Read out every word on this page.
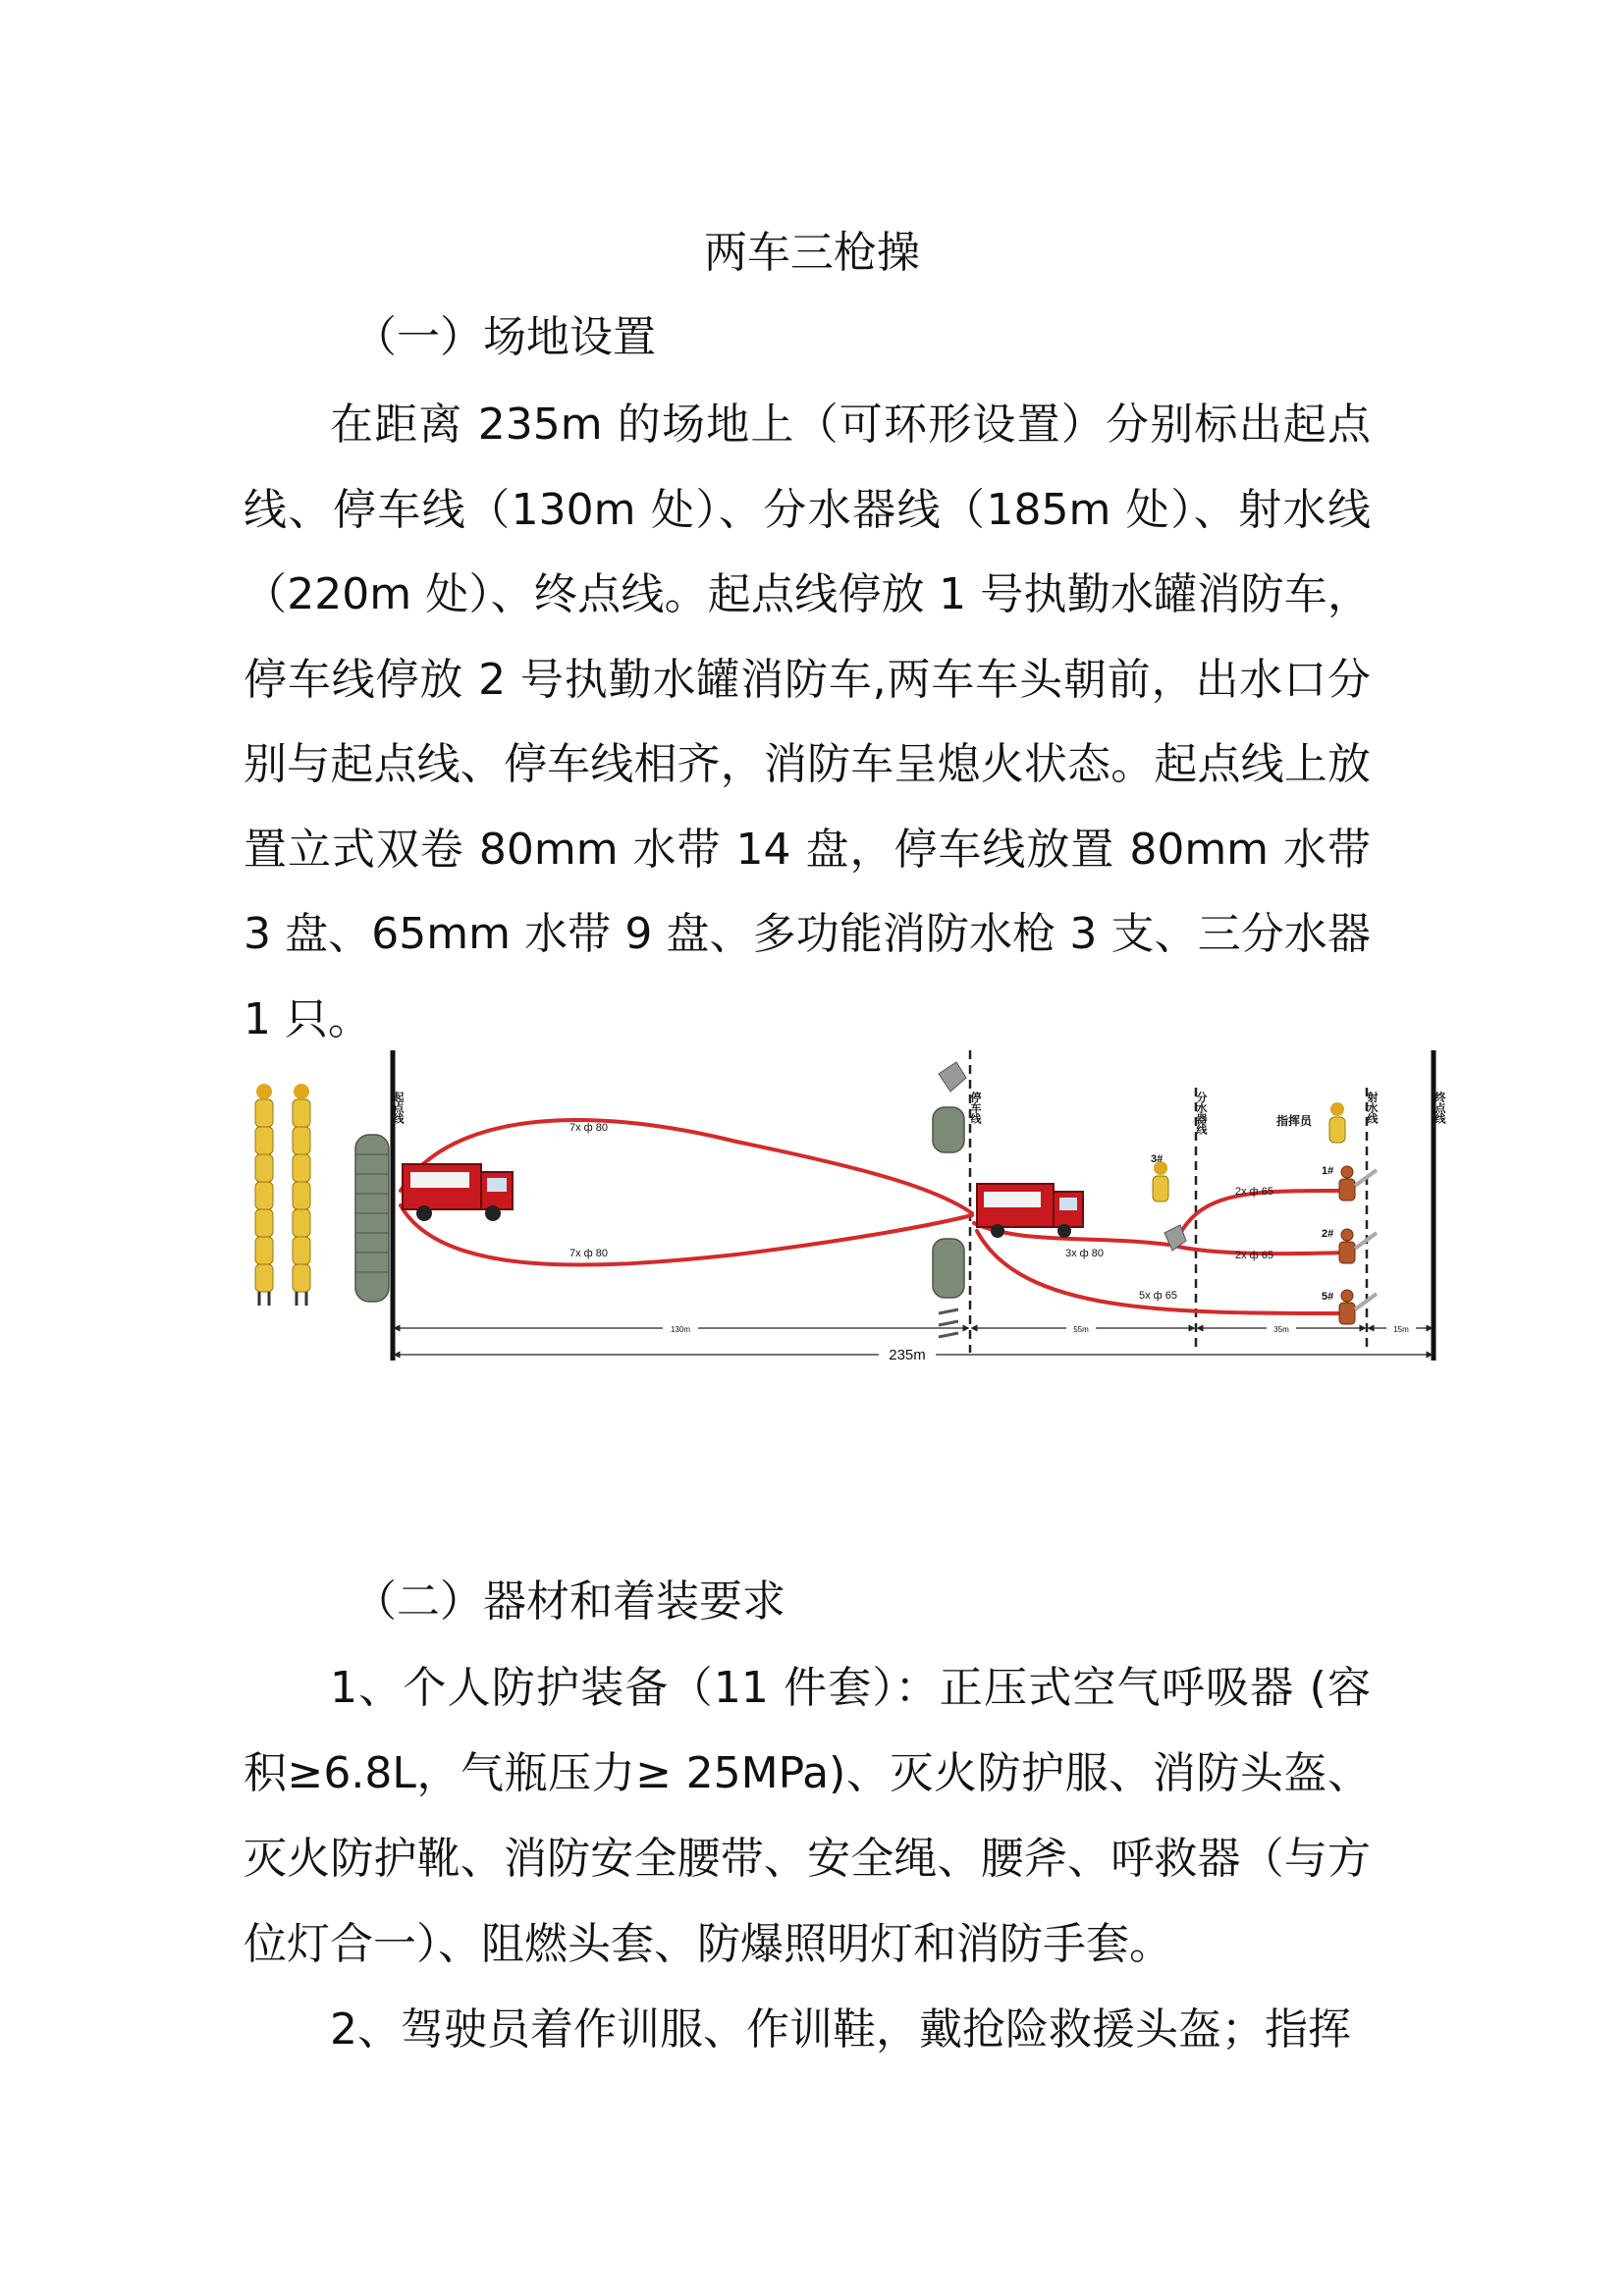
两车三枪操
（一）场地设置
在距离 235m 的场地上（可环形设置）分别标出起点线、停车线（130m 处）、分水器线（185m 处）、射水线（220m 处）、终点线。起点线停放 1 号执勤水罐消防车，停车线停放 2 号执勤水罐消防车,两车车头朝前，出水口分别与起点线、停车线相齐，消防车呈熄火状态。起点线上放置立式双卷 80mm 水带 14 盘，停车线放置 80mm 水带 3 盘、65mm 水带 9 盘、多功能消防水枪 3 支、三分水器 1 只。
起点线	停车线	分水器线	射水线	终点线
指挥员
7x ф 80
7x ф 80	3x ф 80
2x ф 65
2x ф 65
5x ф 65
1#
2#
3#
5#
130m	55m	35m	15m
235m
（二）器材和着装要求
1、个人防护装备（11 件套）：正压式空气呼吸器 (容积≥6.8L，气瓶压力≥ 25MPa)、灭火防护服、消防头盔、灭火防护靴、消防安全腰带、安全绳、腰斧、呼救器（与方位灯合一）、阻燃头套、防爆照明灯和消防手套。
2、驾驶员着作训服、作训鞋，戴抢险救援头盔；指挥
